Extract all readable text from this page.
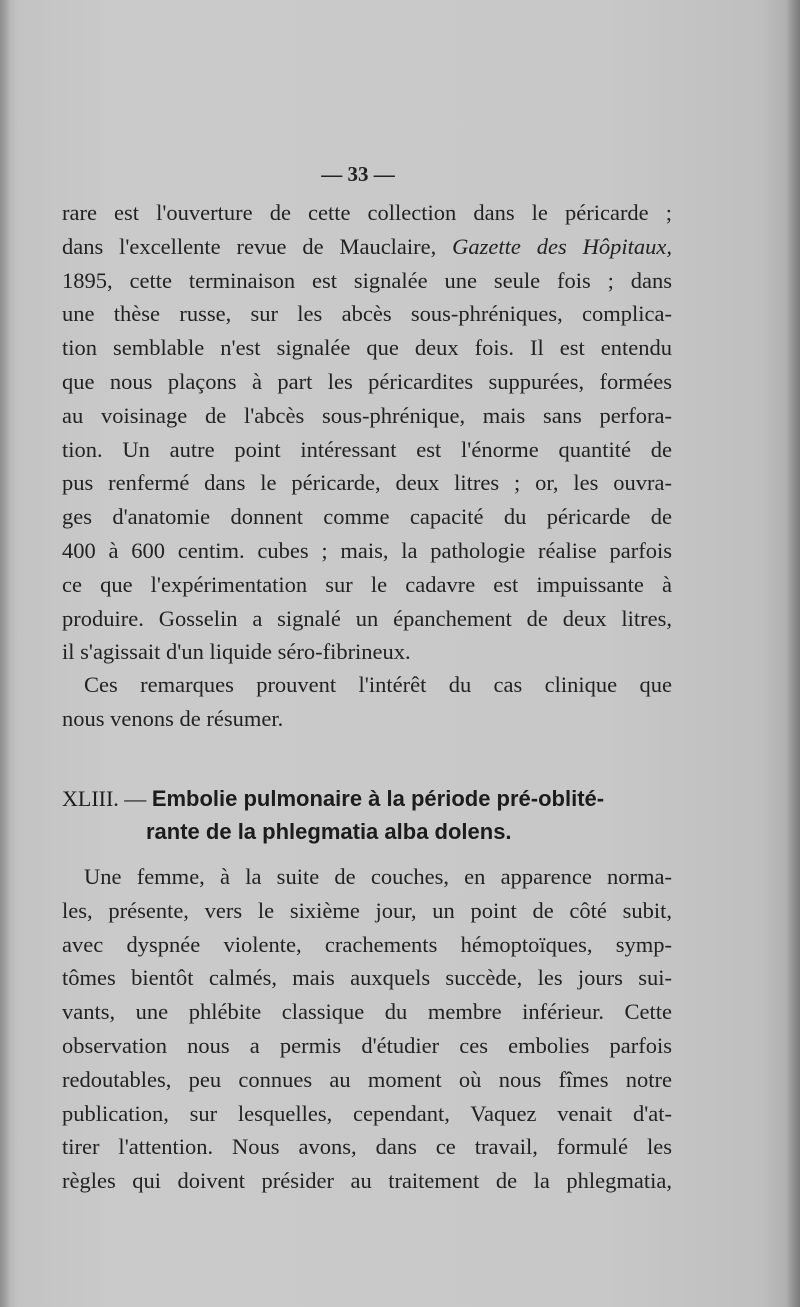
— 33 —
rare est l'ouverture de cette collection dans le péricarde ;
dans l'excellente revue de Mauclaire, Gazette des Hôpitaux,
1895, cette terminaison est signalée une seule fois ; dans
une thèse russe, sur les abcès sous-phréniques, complica-
tion semblable n'est signalée que deux fois. Il est entendu
que nous plaçons à part les péricardites suppurées, formées
au voisinage de l'abcès sous-phrénique, mais sans perfora-
tion. Un autre point intéressant est l'énorme quantité de
pus renfermé dans le péricarde, deux litres ; or, les ouvra-
ges d'anatomie donnent comme capacité du péricarde de
400 à 600 centim. cubes ; mais, la pathologie réalise parfois
ce que l'expérimentation sur le cadavre est impuissante à
produire. Gosselin a signalé un épanchement de deux litres,
il s'agissait d'un liquide séro-fibrineux.
Ces remarques prouvent l'intérêt du cas clinique que
nous venons de résumer.
XLIII. — Embolie pulmonaire à la période pré-oblité-
rante de la phlegmatia alba dolens.
Une femme, à la suite de couches, en apparence norma-
les, présente, vers le sixième jour, un point de côté subit,
avec dyspnée violente, crachements hémoptoïques, symp-
tômes bientôt calmés, mais auxquels succède, les jours sui-
vants, une phlébite classique du membre inférieur. Cette
observation nous a permis d'étudier ces embolies parfois
redoutables, peu connues au moment où nous fîmes notre
publication, sur lesquelles, cependant, Vaquez venait d'at-
tirer l'attention. Nous avons, dans ce travail, formulé les
règles qui doivent présider au traitement de la phlegmatia,
